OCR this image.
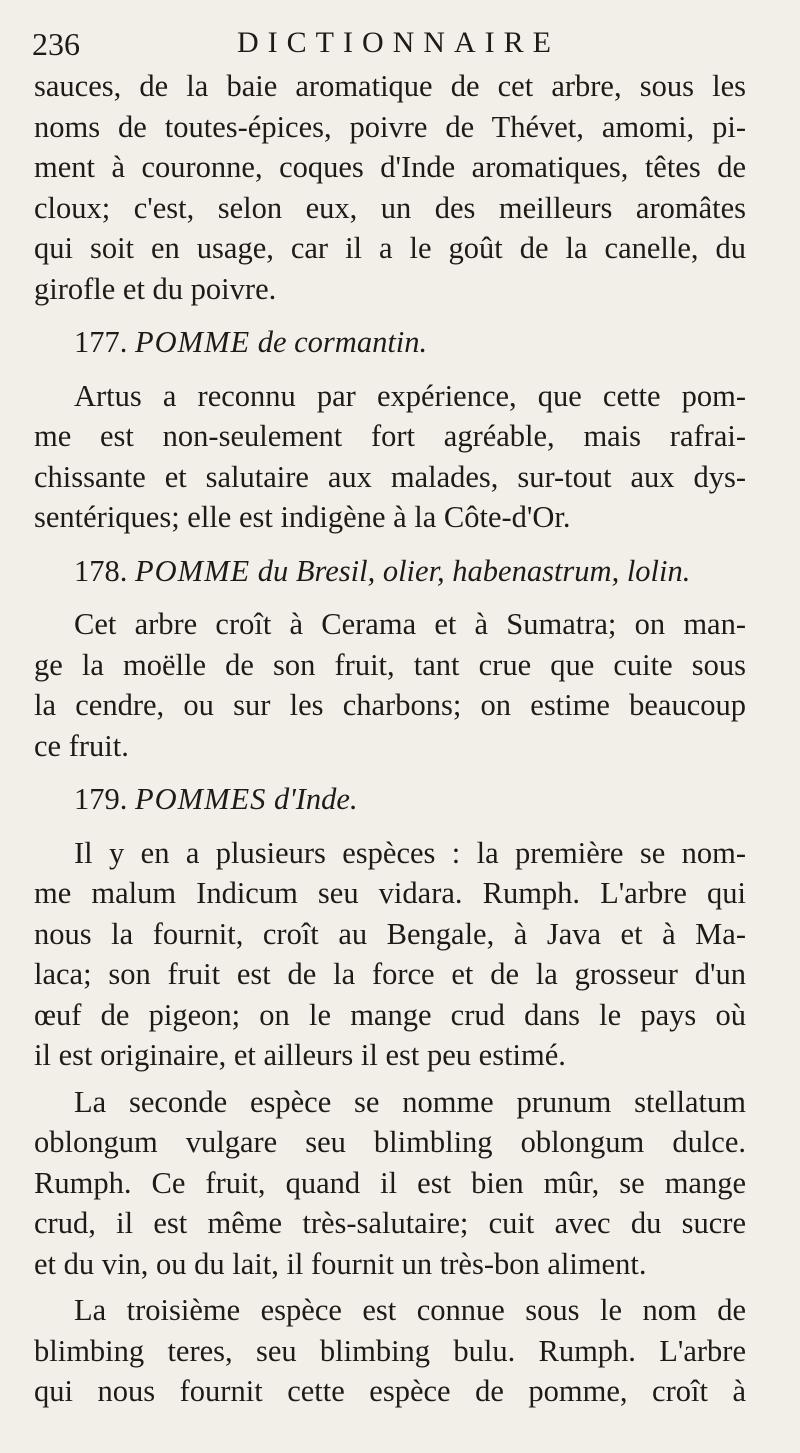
236	DICTIONNAIRE
sauces, de la baie aromatique de cet arbre, sous les
noms de toutes-épices, poivre de Thévet, amomi, pi-
ment à couronne, coques d'Inde aromatiques, têtes de
cloux; c'est, selon eux, un des meilleurs aromâtes
qui soit en usage, car il a le goût de la canelle, du
girofle et du poivre.
177. POMME de cormantin.
Artus a reconnu par expérience, que cette pom-
me est non-seulement fort agréable, mais rafrai-
chissante et salutaire aux malades, sur-tout aux dys-
sentériques; elle est indigène à la Côte-d'Or.
178. POMME du Bresil, olier, habenastrum, lolin.
Cet arbre croît à Cerama et à Sumatra; on man-
ge la moëlle de son fruit, tant crue que cuite sous
la cendre, ou sur les charbons; on estime beaucoup
ce fruit.
179. POMMES d'Inde.
Il y en a plusieurs espèces : la première se nom-
me malum Indicum seu vidara. Rumph. L'arbre qui
nous la fournit, croît au Bengale, à Java et à Ma-
laca; son fruit est de la force et de la grosseur d'un
œuf de pigeon; on le mange crud dans le pays où
il est originaire, et ailleurs il est peu estimé.
La seconde espèce se nomme prunum stellatum
oblongum vulgare seu blimbling oblongum dulce.
Rumph. Ce fruit, quand il est bien mûr, se mange
crud, il est même très-salutaire; cuit avec du sucre
et du vin, ou du lait, il fournit un très-bon aliment.
La troisième espèce est connue sous le nom de
blimbing teres, seu blimbing bulu. Rumph. L'arbre
qui nous fournit cette espèce de pomme, croît à
